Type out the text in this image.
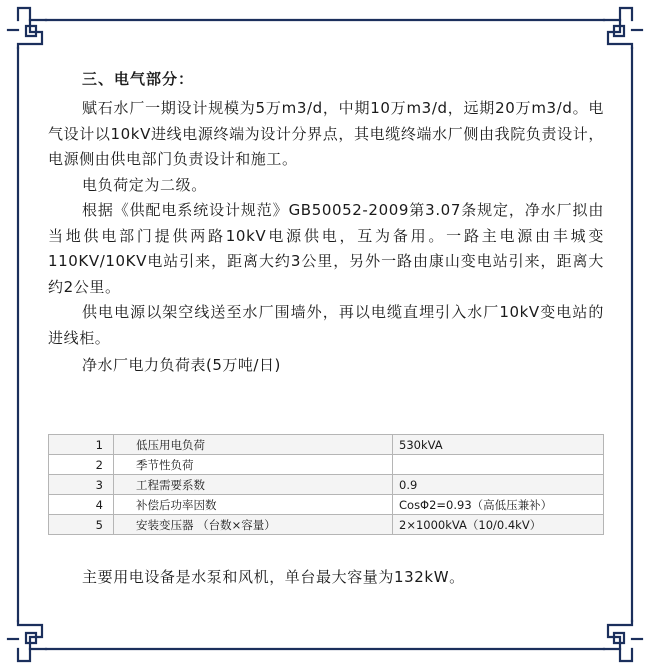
三、电气部分：

赋石水厂一期设计规模为5万m3/d，中期10万m3/d，远期20万m3/d。电气设计以10kV进线电源终端为设计分界点，其电缆终端水厂侧由我院负责设计，电源侧由供电部门负责设计和施工。

电负荷定为二级。

根据《供配电系统设计规范》GB50052-2009第3.07条规定，净水厂拟由当地供电部门提供两路10kV电源供电，互为备用。一路主电源由丰城变110KV/10KV电站引来，距离大约3公里，另外一路由康山变电站引来，距离大约2公里。

供电电源以架空线送至水厂围墙外，再以电缆直埋引入水厂10kV变电站的进线柜。

净水厂电力负荷表(5万吨/日)
1	低压用电负荷	530kVA
2	季节性负荷	
3	工程需要系数	0.9
4	补偿后功率因数	CosΦ2=0.93（高低压兼补）
5	安装变压器 （台数×容量）	2×1000kVA（10/0.4kV）
主要用电设备是水泵和风机，单台最大容量为132kW。
